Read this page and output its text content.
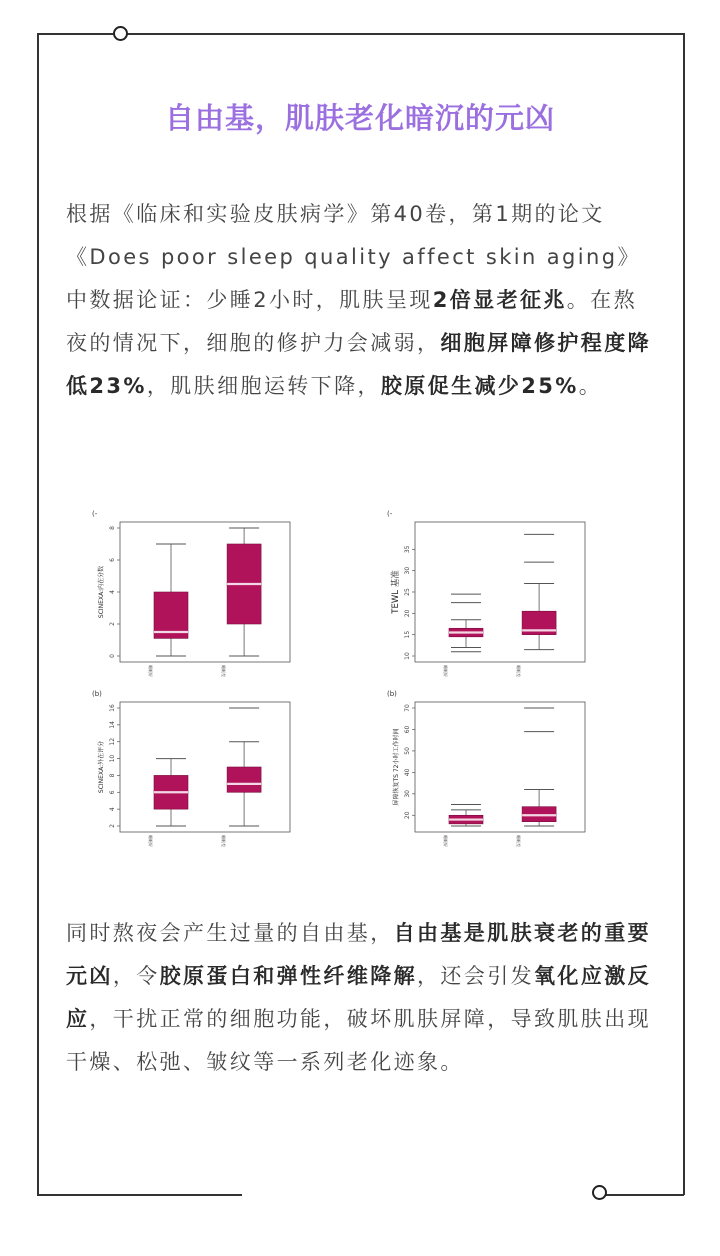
自由基，肌肤老化暗沉的元凶
根据《临床和实验皮肤病学》第40卷，第1期的论文《Does poor sleep quality affect skin aging》中数据论证：少睡2小时，肌肤呈现2倍显老征兆。在熬夜的情况下，细胞的修护力会减弱，细胞屏障修护程度降低23%，肌肤细胞运转下降，胶原促生减少25%。
(-
0
2
4
6
8
SCINEXA:内在分数
睡眠好	睡眠差
(-
10
15
20
25
30
35
TEWL 基准
睡眠好	睡眠差
(b)
2
4
6
8
10
12
14
16
SCINEXA:外在评分
睡眠好	睡眠差
(b)
20
30
40
50
60
70
屏障恢复TS 72小时工作时间
睡眠好	睡眠差
同时熬夜会产生过量的自由基，自由基是肌肤衰老的重要元凶，令胶原蛋白和弹性纤维降解，还会引发氧化应激反应，干扰正常的细胞功能，破坏肌肤屏障，导致肌肤出现干燥、松弛、皱纹等一系列老化迹象。
